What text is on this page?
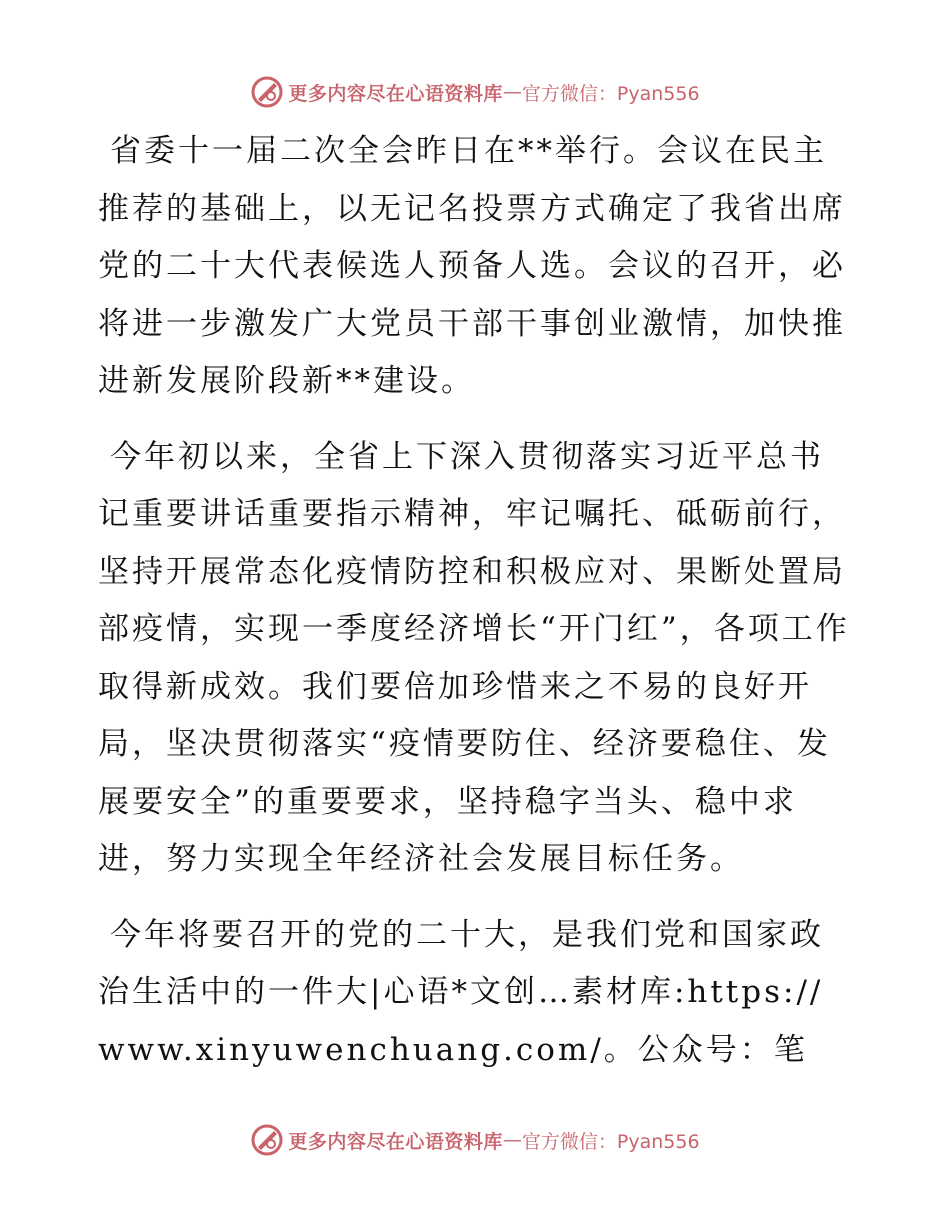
更多内容尽在心语资料库 — 官方微信：Pyan556

省委十一届二次全会昨日在**举行。会议在民主推荐的基础上，以无记名投票方式确定了我省出席党的二十大代表候选人预备人选。会议的召开，必将进一步激发广大党员干部干事创业激情，加快推进新发展阶段新**建设。

今年初以来，全省上下深入贯彻落实习近平总书记重要讲话重要指示精神，牢记嘱托、砥砺前行，坚持开展常态化疫情防控和积极应对、果断处置局部疫情，实现一季度经济增长“开门红”，各项工作取得新成效。我们要倍加珍惜来之不易的良好开局，坚决贯彻落实“疫情要防住、经济要稳住、发展要安全”的重要要求，坚持稳字当头、稳中求进，努力实现全年经济社会发展目标任务。

今年将要召开的党的二十大，是我们党和国家政治生活中的一件大|心语*文创…素材库:https://www.xinyuwenchuang.com/。公众号：笔

更多内容尽在心语资料库 — 官方微信：Pyan556
